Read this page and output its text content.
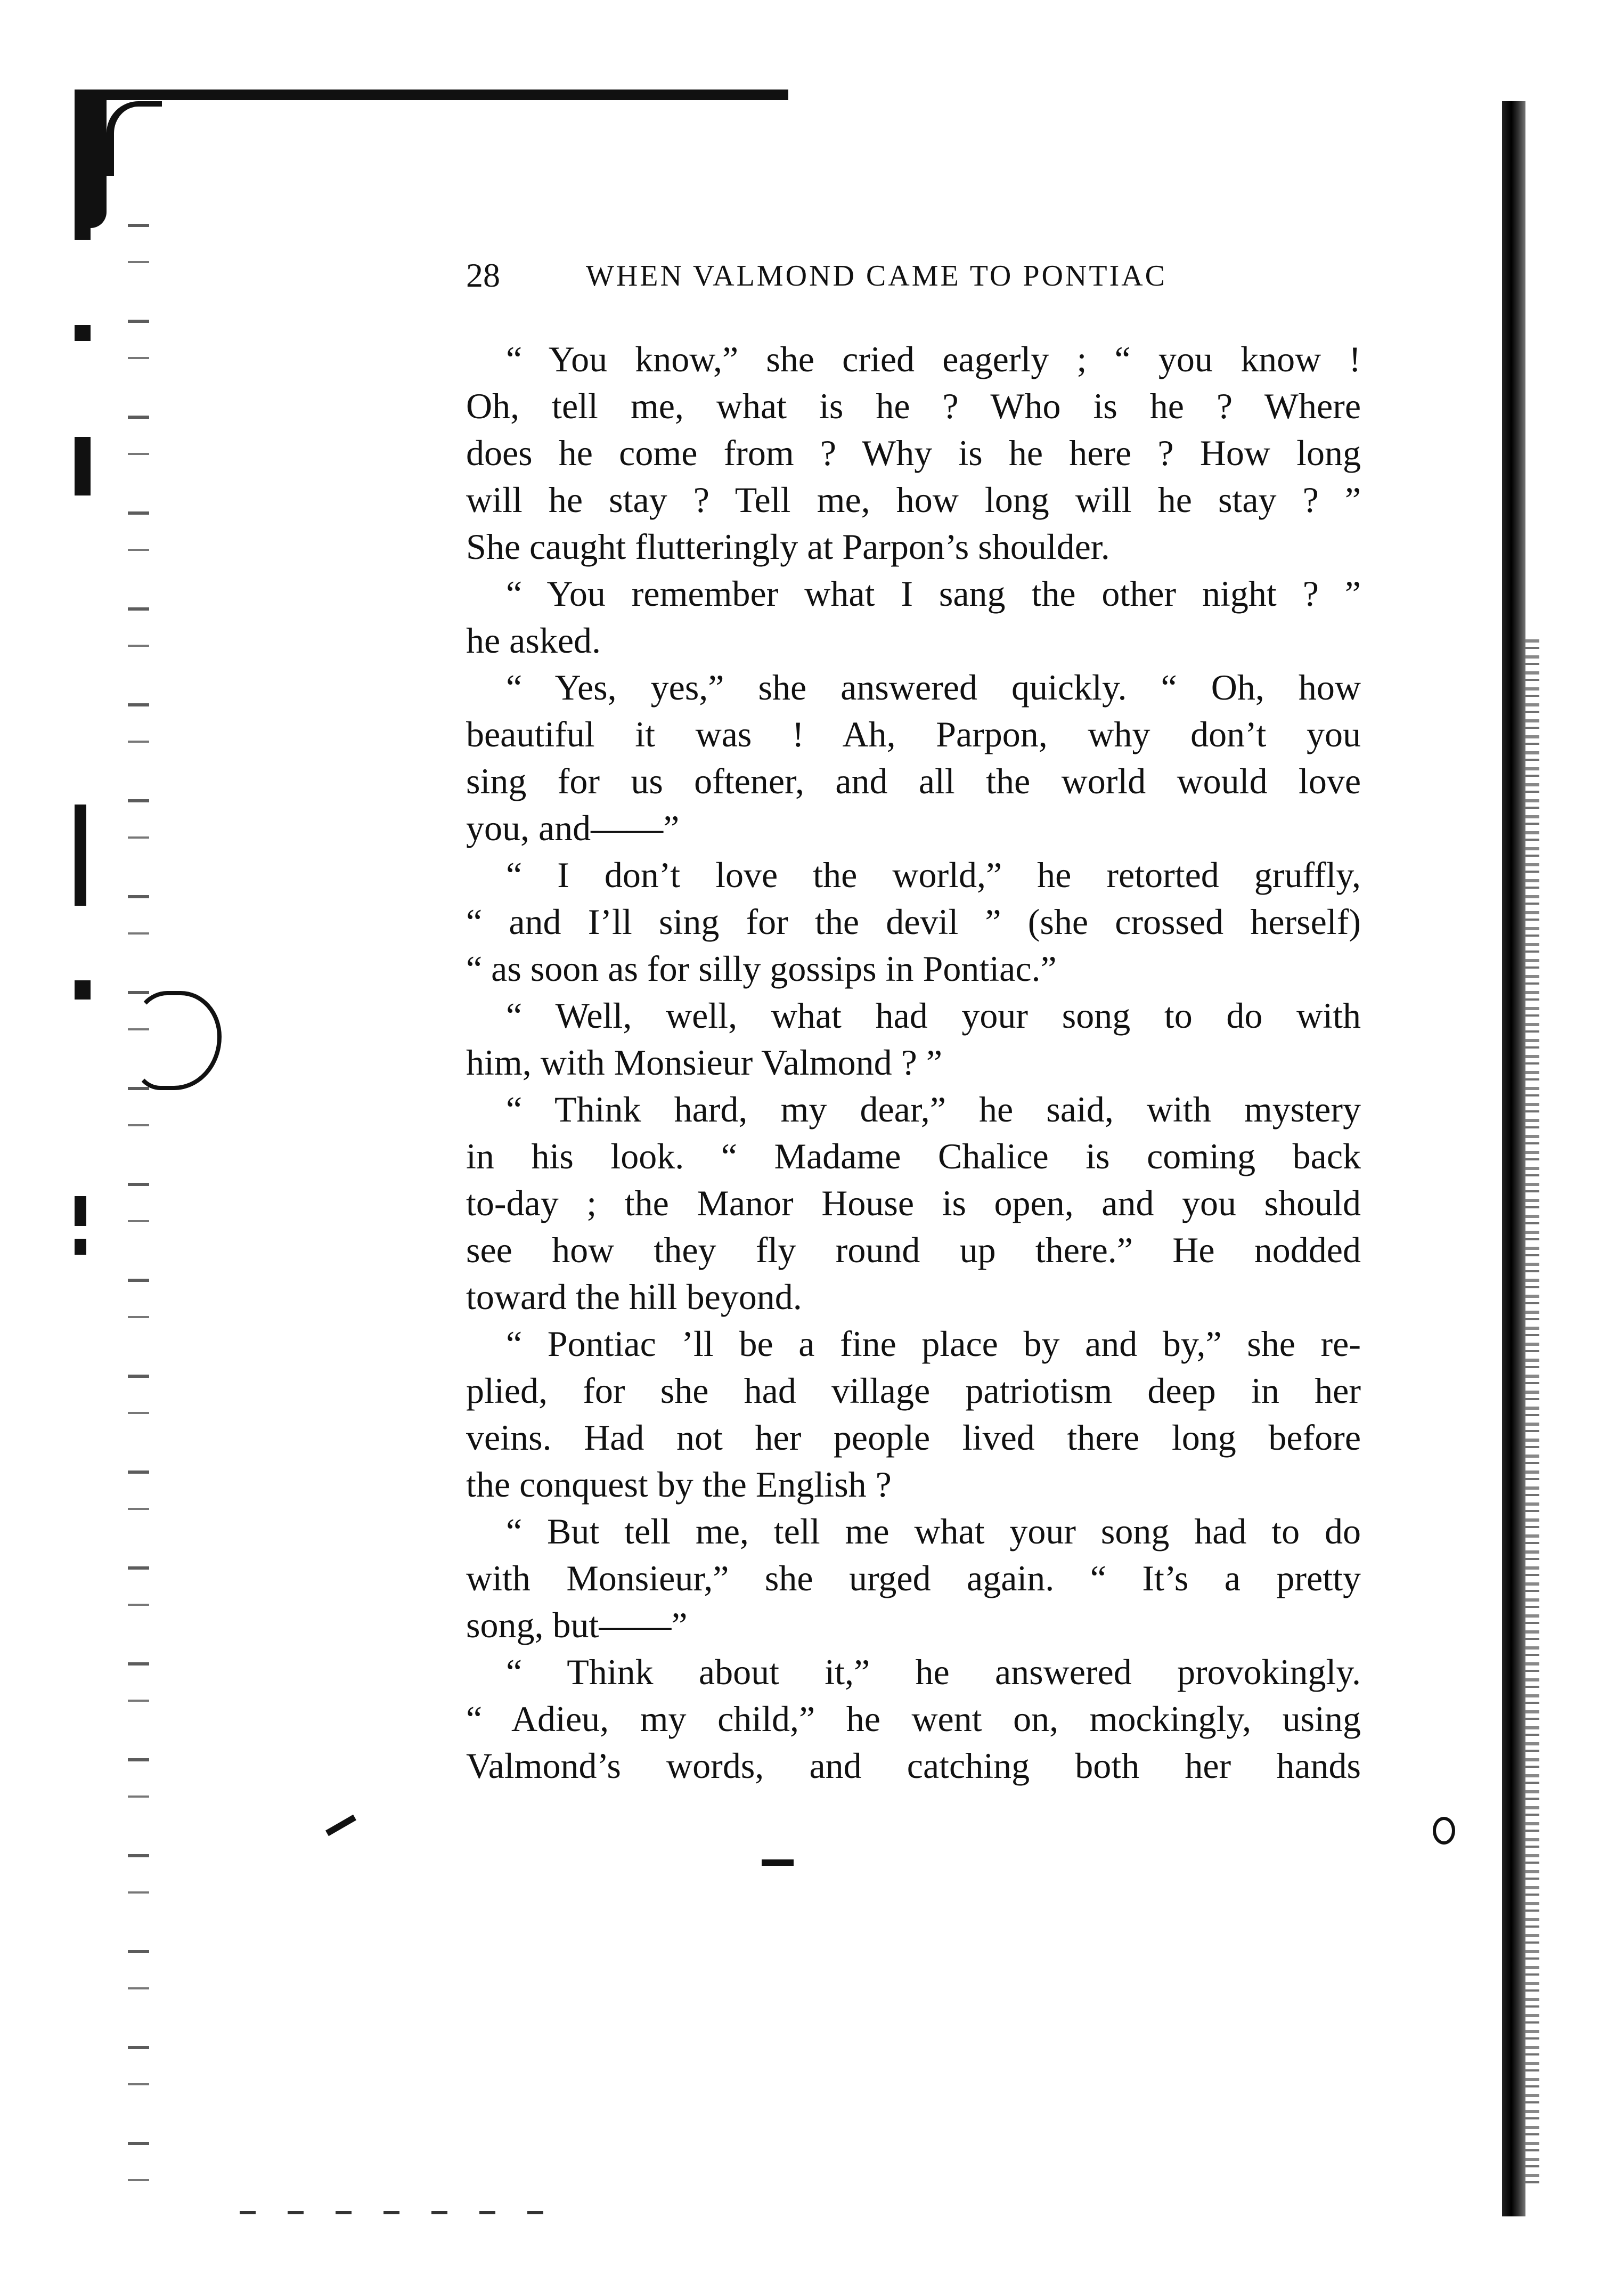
28	WHEN VALMOND CAME TO PONTIAC
“ You know,” she cried eagerly ; “ you know !
Oh, tell me, what is he ? Who is he ? Where
does he come from ? Why is he here ? How long
will he stay ? Tell me, how long will he stay ? ”
She caught flutteringly at Parpon’s shoulder.
“ You remember what I sang the other night ? ”
he asked.
“ Yes, yes,” she answered quickly. “ Oh, how
beautiful it was ! Ah, Parpon, why don’t you
sing for us oftener, and all the world would love
you, and——”
“ I don’t love the world,” he retorted gruffly,
“ and I’ll sing for the devil ” (she crossed herself)
“ as soon as for silly gossips in Pontiac.”
“ Well, well, what had your song to do with
him, with Monsieur Valmond ? ”
“ Think hard, my dear,” he said, with mystery
in his look. “ Madame Chalice is coming back
to-day ; the Manor House is open, and you should
see how they fly round up there.” He nodded
toward the hill beyond.
“ Pontiac ’ll be a fine place by and by,” she re-
plied, for she had village patriotism deep in her
veins. Had not her people lived there long before
the conquest by the English ?
“ But tell me, tell me what your song had to do
with Monsieur,” she urged again. “ It’s a pretty
song, but——”
“ Think about it,” he answered provokingly.
“ Adieu, my child,” he went on, mockingly, using
Valmond’s words, and catching both her hands
